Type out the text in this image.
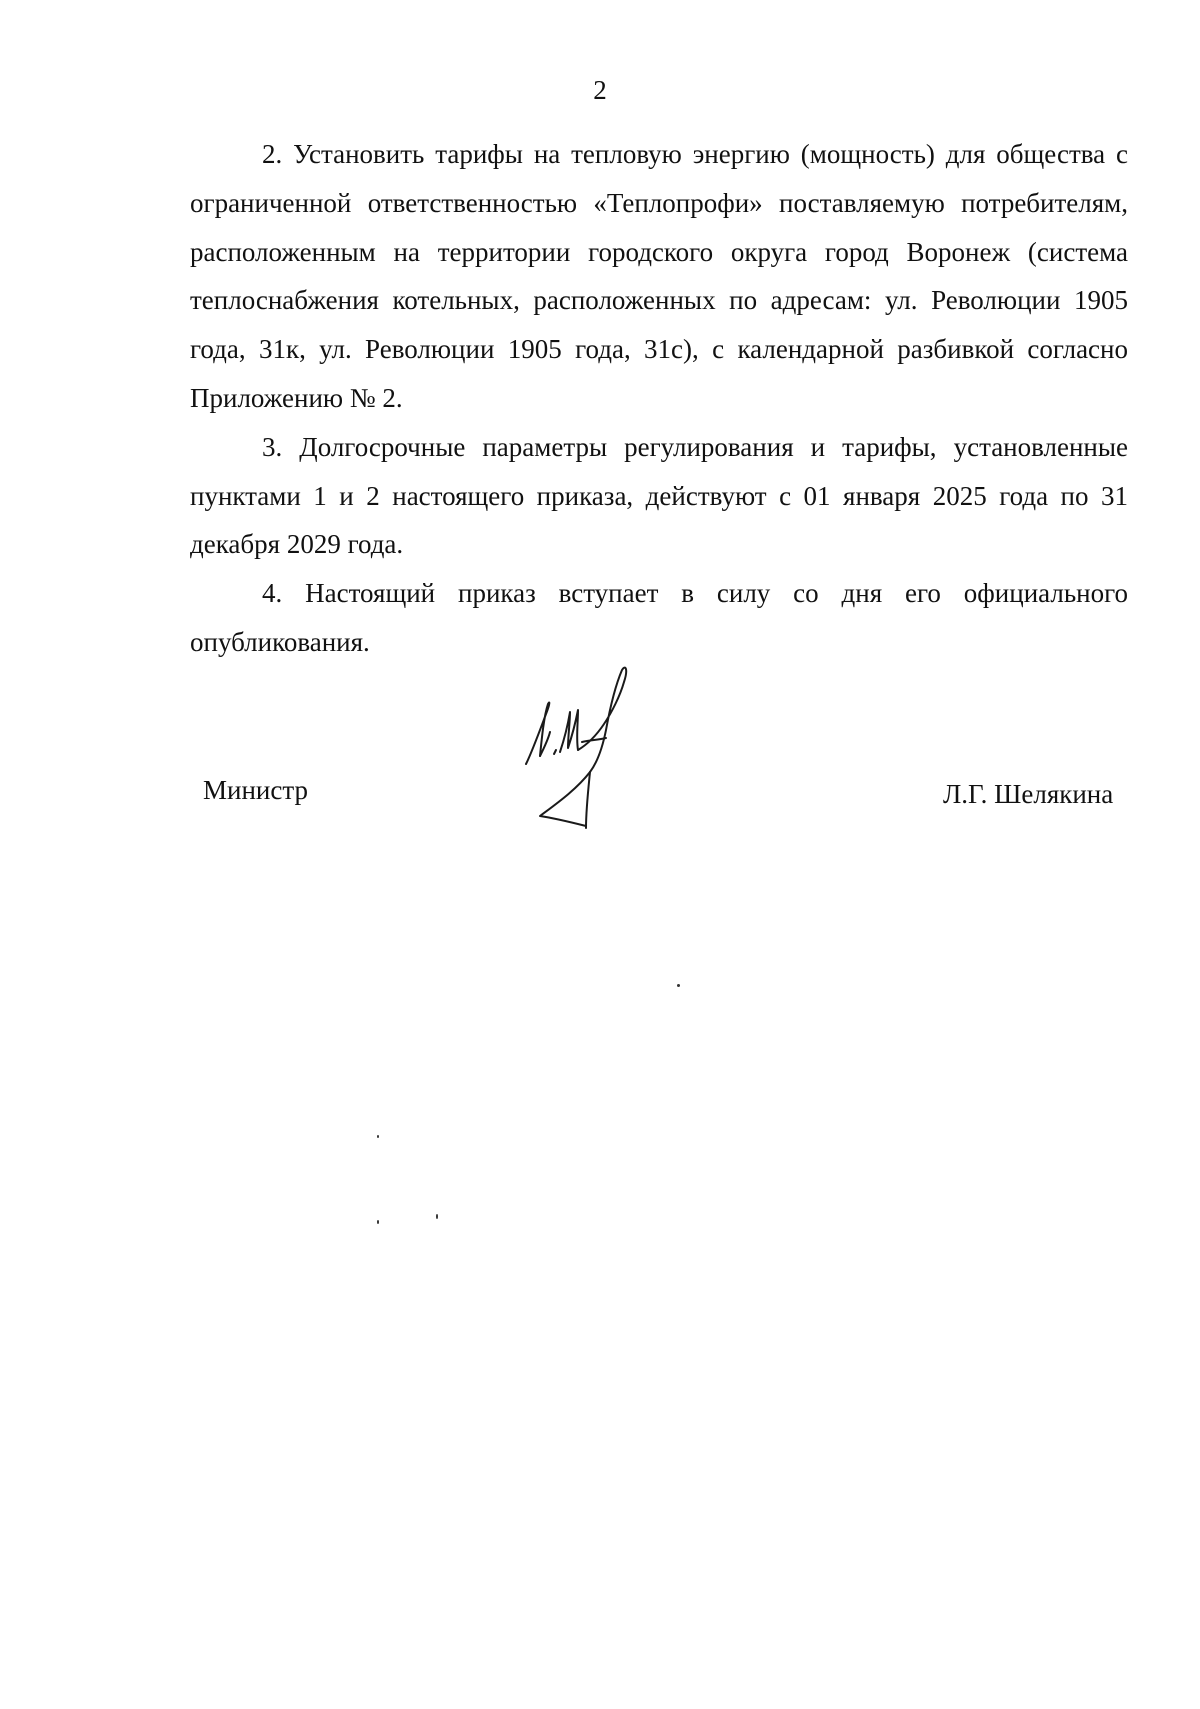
2

2. Установить тарифы на тепловую энергию (мощность) для общества с ограниченной ответственностью «Теплопрофи» поставляемую потребителям, расположенным на территории городского округа город Воронеж (система теплоснабжения котельных, расположенных по адресам: ул. Революции 1905 года, 31к, ул. Революции 1905 года, 31с), с календарной разбивкой согласно Приложению № 2.

3. Долгосрочные параметры регулирования и тарифы, установленные пунктами 1 и 2 настоящего приказа, действуют с 01 января 2025 года по 31 декабря 2029 года.

4. Настоящий приказ вступает в силу со дня его официального опубликования.

Министр	Л.Г. Шелякина
